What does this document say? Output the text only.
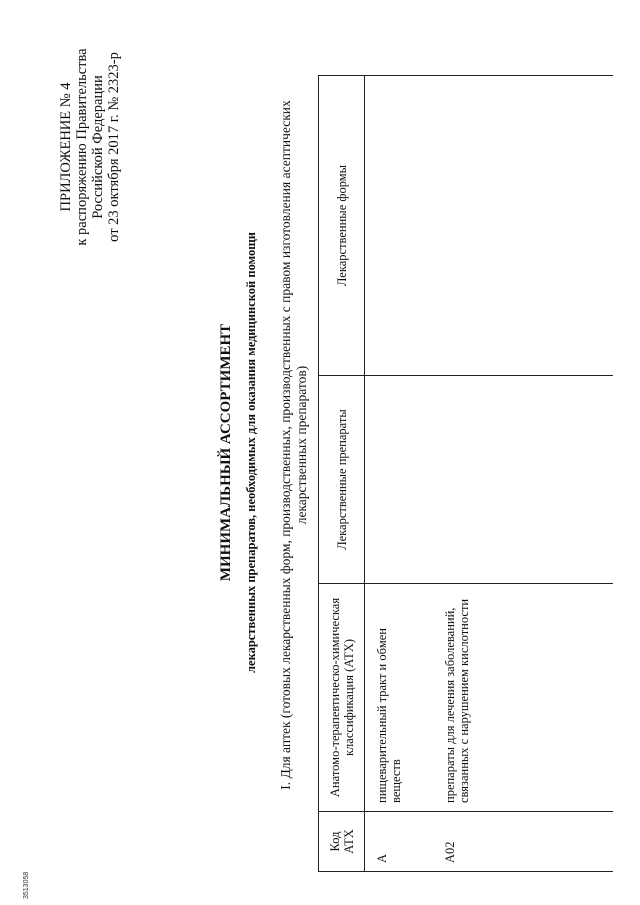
ПРИЛОЖЕНИЕ № 4 к распоряжению Правительства Российской Федерации от 23 октября 2017 г. № 2323-р
МИНИМАЛЬНЫЙ АССОРТИМЕНТ лекарственных препаратов, необходимых для оказания медицинской помощи I. Для аптек (готовых лекарственных форм, производственных, производственных с правом изготовления асептических лекарственных препаратов)
Код АТХ	Анатомо-терапевтическо-химическая классификация (АТХ)	Лекарственные препараты	Лекарственные формы
А	пищеварительный тракт и обмен веществ		

А02	препараты для лечения заболеваний, связанных с нарушением кислотности		

3513058
